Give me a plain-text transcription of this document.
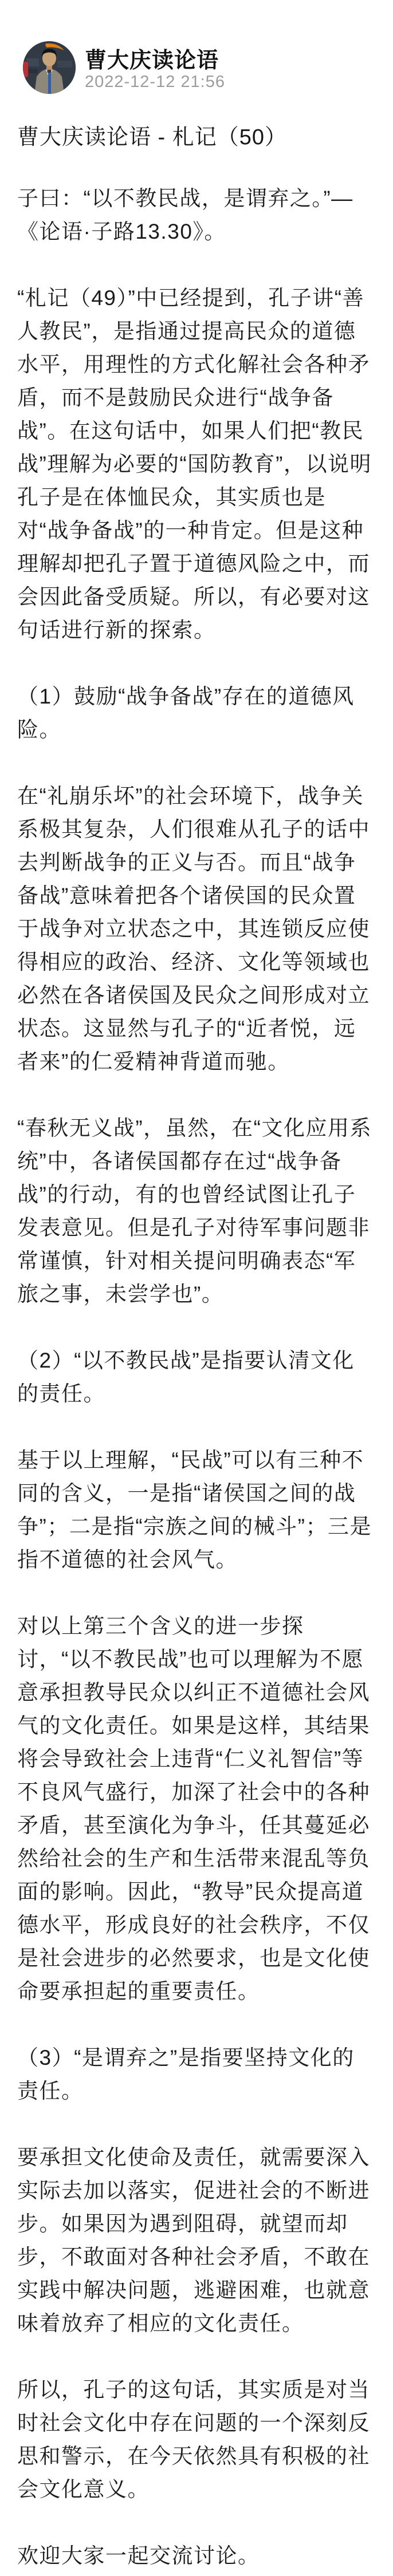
曹大庆读论语
2022-12-12 21:56
曹大庆读论语 - 札记（50）

子曰：“以不教民战，是谓弃之。”—《论语·子路13.30》。

“札记（49）”中已经提到，孔子讲“善人教民”，是指通过提高民众的道德水平，用理性的方式化解社会各种矛盾，而不是鼓励民众进行“战争备战”。在这句话中，如果人们把“教民战”理解为必要的“国防教育”，以说明孔子是在体恤民众，其实质也是对“战争备战”的一种肯定。但是这种理解却把孔子置于道德风险之中，而会因此备受质疑。所以，有必要对这句话进行新的探索。

（1）鼓励“战争备战”存在的道德风险。

在“礼崩乐坏”的社会环境下，战争关系极其复杂，人们很难从孔子的话中去判断战争的正义与否。而且“战争备战”意味着把各个诸侯国的民众置于战争对立状态之中，其连锁反应使得相应的政治、经济、文化等领域也必然在各诸侯国及民众之间形成对立状态。这显然与孔子的“近者悦，远者来”的仁爱精神背道而驰。

“春秋无义战”，虽然，在“文化应用系统”中，各诸侯国都存在过“战争备战”的行动，有的也曾经试图让孔子发表意见。但是孔子对待军事问题非常谨慎，针对相关提问明确表态“军旅之事，未尝学也”。

（2）“以不教民战”是指要认清文化的责任。

基于以上理解，“民战”可以有三种不同的含义，一是指“诸侯国之间的战争”；二是指“宗族之间的械斗”；三是指不道德的社会风气。

对以上第三个含义的进一步探讨，“以不教民战”也可以理解为不愿意承担教导民众以纠正不道德社会风气的文化责任。如果是这样，其结果将会导致社会上违背“仁义礼智信”等不良风气盛行，加深了社会中的各种矛盾，甚至演化为争斗，任其蔓延必然给社会的生产和生活带来混乱等负面的影响。因此，“教导”民众提高道德水平，形成良好的社会秩序，不仅是社会进步的必然要求，也是文化使命要承担起的重要责任。

（3）“是谓弃之”是指要坚持文化的责任。

要承担文化使命及责任，就需要深入实际去加以落实，促进社会的不断进步。如果因为遇到阻碍，就望而却步，不敢面对各种社会矛盾，不敢在实践中解决问题，逃避困难，也就意味着放弃了相应的文化责任。

所以，孔子的这句话，其实质是对当时社会文化中存在问题的一个深刻反思和警示，在今天依然具有积极的社会文化意义。

欢迎大家一起交流讨论。
